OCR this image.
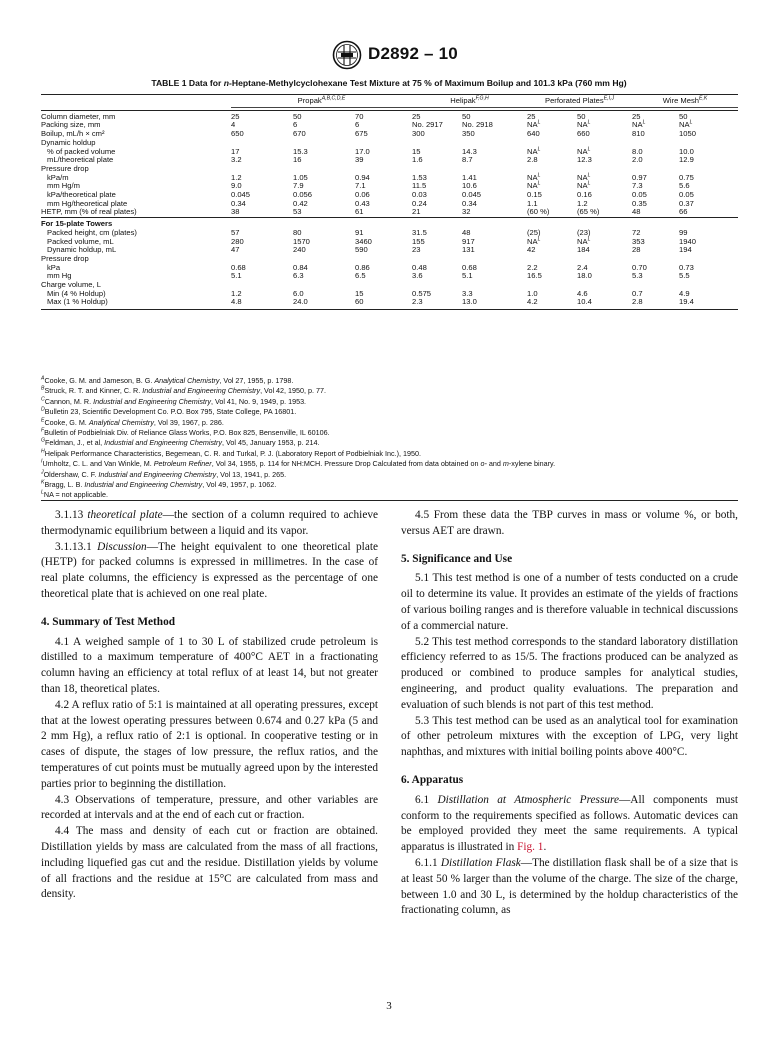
D2892 – 10
TABLE 1 Data for n-Heptane-Methylcyclohexane Test Mixture at 75 % of Maximum Boilup and 101.3 kPa (760 mm Hg)
	Propak$^{A,B,C,D,E}$			Helipak$^{F,G,H}$		Perforated Plates$^{E,I,J}$		Wire Mesh$^{E,K}$

Column diameter, mm	25	50	70	25	50	25	50	25	50
Packing size, mm	4	6	6	No. 2917	No. 2918	$NA^L$	$NA^L$	$NA^L$	$NA^L$
Boilup, mL/h × cm²	650	670	675	300	350	640	660	810	1050
Dynamic holdup									
% of packed volume	17	15.3	17.0	15	14.3	$NA^L$	$NA^L$	8.0	10.0
mL/theoretical plate	3.2	16	39	1.6	8.7	2.8	12.3	2.0	12.9
Pressure drop									
kPa/m	1.2	1.05	0.94	1.53	1.41	$NA^L$	$NA^L$	0.97	0.75
mm Hg/m	9.0	7.9	7.1	11.5	10.6	$NA^L$	$NA^L$	7.3	5.6
kPa/theoretical plate	0.045	0.056	0.06	0.03	0.045	0.15	0.16	0.05	0.05
mm Hg/theoretical plate	0.34	0.42	0.43	0.24	0.34	1.1	1.2	0.35	0.37
HETP, mm (% of real plates)	38	53	61	21	32	(60 %)	(65 %)	48	66
For 15-plate Towers									
Packed height, cm (plates)	57	80	91	31.5	48	(25)	(23)	72	99
Packed volume, mL	280	1570	3460	155	917	$NA^L$	$NA^L$	353	1940
Dynamic holdup, mL	47	240	590	23	131	42	184	28	194
Pressure drop									
kPa	0.68	0.84	0.86	0.48	0.68	2.2	2.4	0.70	0.73
mm Hg	5.1	6.3	6.5	3.6	5.1	16.5	18.0	5.3	5.5
Charge volume, L									
Min (4 % Holdup)	1.2	6.0	15	0.575	3.3	1.0	4.6	0.7	4.9
Max (1 % Holdup)	4.8	24.0	60	2.3	13.0	4.2	10.4	2.8	19.4

$^A$Cooke, G. M. and Jameson, B. G. Analytical Chemistry, Vol 27, 1955, p. 1798.
$^B$Struck, R. T. and Kinner, C. R. Industrial and Engineering Chemistry, Vol 42, 1950, p. 77.
$^C$Cannon, M. R. Industrial and Engineering Chemistry, Vol 41, No. 9, 1949, p. 1953.
$^D$Bulletin 23, Scientific Development Co. P.O. Box 795, State College, PA 16801.
$^E$Cooke, G. M. Analytical Chemistry, Vol 39, 1967, p. 286.
$^F$Bulletin of Podbielniak Div. of Reliance Glass Works, P.O. Box 825, Bensenville, IL 60106.
$^G$Feldman, J., et al, Industrial and Engineering Chemistry, Vol 45, January 1953, p. 214.
$^H$Helipak Performance Characteristics, Begemean, C. R. and Turkal, P. J. (Laboratory Report of Podbielniak Inc.), 1950.
$^I$Umholtz, C. L. and Van Winkle, M. Petroleum Refiner, Vol 34, 1955, p. 114 for NH:MCH. Pressure Drop Calculated from data obtained on o- and m-xylene binary.
$^J$Oldershaw, C. F. Industrial and Engineering Chemistry, Vol 13, 1941, p. 265.
$^K$Bragg, L. B. Industrial and Engineering Chemistry, Vol 49, 1957, p. 1062.
$^L$NA = not applicable.

3.1.13 theoretical plate—the section of a column required to achieve thermodynamic equilibrium between a liquid and its vapor.

3.1.13.1 Discussion—The height equivalent to one theoretical plate (HETP) for packed columns is expressed in millimetres. In the case of real plate columns, the efficiency is expressed as the percentage of one theoretical plate that is achieved on one real plate.

4. Summary of Test Method

4.1 A weighed sample of 1 to 30 L of stabilized crude petroleum is distilled to a maximum temperature of 400°C AET in a fractionating column having an efficiency at total reflux of at least 14, but not greater than 18, theoretical plates.

4.2 A reflux ratio of 5:1 is maintained at all operating pressures, except that at the lowest operating pressures between 0.674 and 0.27 kPa (5 and 2 mm Hg), a reflux ratio of 2:1 is optional. In cooperative testing or in cases of dispute, the stages of low pressure, the reflux ratios, and the temperatures of cut points must be mutually agreed upon by the interested parties prior to beginning the distillation.

4.3 Observations of temperature, pressure, and other variables are recorded at intervals and at the end of each cut or fraction.

4.4 The mass and density of each cut or fraction are obtained. Distillation yields by mass are calculated from the mass of all fractions, including liquefied gas cut and the residue. Distillation yields by volume of all fractions and the residue at 15°C are calculated from mass and density.

4.5 From these data the TBP curves in mass or volume %, or both, versus AET are drawn.

5. Significance and Use

5.1 This test method is one of a number of tests conducted on a crude oil to determine its value. It provides an estimate of the yields of fractions of various boiling ranges and is therefore valuable in technical discussions of a commercial nature.

5.2 This test method corresponds to the standard laboratory distillation efficiency referred to as 15/5. The fractions produced can be analyzed as produced or combined to produce samples for analytical studies, engineering, and product quality evaluations. The preparation and evaluation of such blends is not part of this test method.

5.3 This test method can be used as an analytical tool for examination of other petroleum mixtures with the exception of LPG, very light naphthas, and mixtures with initial boiling points above 400°C.

6. Apparatus

6.1 Distillation at Atmospheric Pressure—All components must conform to the requirements specified as follows. Automatic devices can be employed provided they meet the same requirements. A typical apparatus is illustrated in Fig. 1.

6.1.1 Distillation Flask—The distillation flask shall be of a size that is at least 50 % larger than the volume of the charge. The size of the charge, between 1.0 and 30 L, is determined by the holdup characteristics of the fractionating column, as

3
